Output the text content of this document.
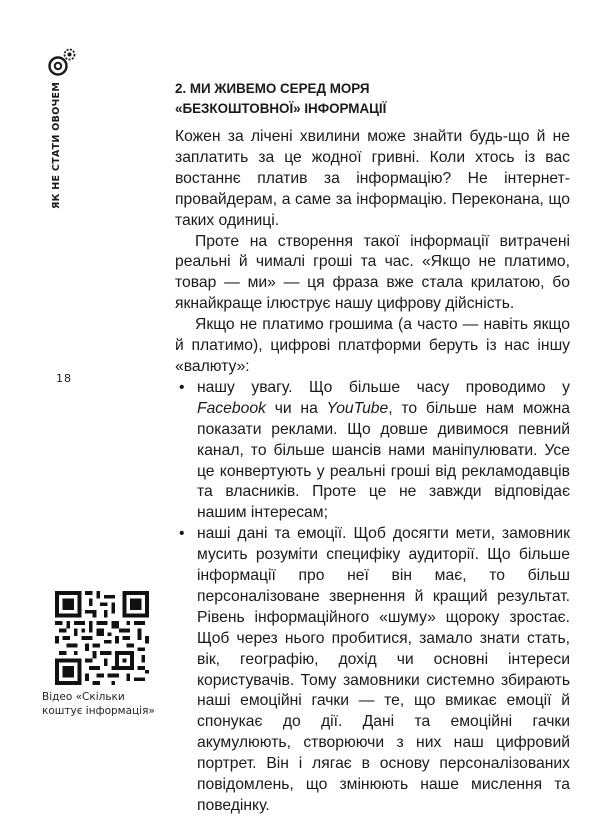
ЯК НЕ СТАТИ ОВОЧЕМ
18
Відео «Скільки коштує інформація»
2. МИ ЖИВЕМО СЕРЕД МОРЯ
«БЕЗКОШТОВНОЇ» ІНФОРМАЦІЇ

Кожен за лічені хвилини може знайти будь-що й не заплатить за це жодної гривні. Коли хтось із вас востаннє платив за інформацію? Не інтернет-провайдерам, а саме за інформацію. Переконана, що таких одиниці.

Проте на створення такої інформації витрачені реальні й чималі гроші та час. «Якщо не платимо, товар — ми» — ця фраза вже стала крилатою, бо якнайкраще ілюструє нашу цифрову дійсність.

Якщо не платимо грошима (а часто — навіть якщо й платимо), цифрові платформи беруть із нас іншу «валюту»:

• нашу увагу. Що більше часу проводимо у Facebook чи на YouTube, то більше нам можна показати реклами. Що довше дивимося певний канал, то більше шансів нами маніпулювати. Усе це конвертують у реальні гроші від рекламодавців та власників. Проте це не завжди відповідає нашим інтересам;
• наші дані та емоції. Щоб досягти мети, замовник мусить розуміти специфіку аудиторії. Що більше інформації про неї він має, то більш персоналізоване звернення й кращий результат. Рівень інформаційного «шуму» щороку зростає. Щоб через нього пробитися, замало знати стать, вік, географію, дохід чи основні інтереси користувачів. Тому замовники системно збирають наші емоційні гачки — те, що вмикає емоції й спонукає до дії. Дані та емоційні гачки акумулюють, створюючи з них наш цифровий портрет. Він і лягає в основу персоналізованих повідомлень, що змінюють наше мислення та поведінку.
